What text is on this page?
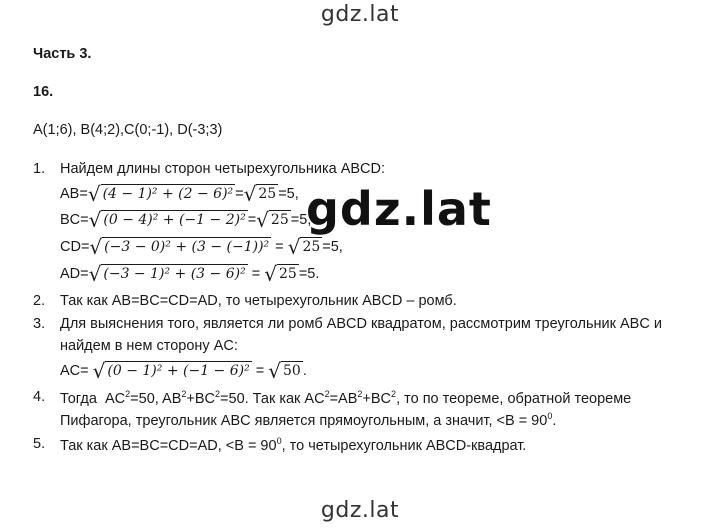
gdz.lat
Часть 3.
16.
A(1;6), B(4;2),C(0;-1), D(-3;3)
1. Найдем длины сторон четырехугольника ABCD:
AB= √ (4 − 1)² + (2 − 6)² = √ 25 =5,
BC= √ (0 − 4)² + (−1 − 2)² = √ 25 =5,
CD= √ (−3 − 0)² + (3 − (−1))² = √ 25 =5,
AD= √ (−3 − 1)² + (3 − 6)² = √ 25 =5.
2. Так как AB=BC=CD=AD, то четырехугольник ABCD – ромб.
3. Для выяснения того, является ли ромб ABCD квадратом, рассмотрим треугольник ABC и
найдем в нем сторону AC:
AC= √ (0 − 1)² + (−1 − 6)² = √ 50 .
4. Тогда  $AC^2=50$, $AB^2+BC^2=50$. Так как $AC^2=AB^2+BC^2$, то по теореме, обратной теореме
Пифагора, треугольник ABC является прямоугольным, а значит, $<B = 90^0$.
5. Так как AB=BC=CD=AD, $<B = 90^0$, то четырехугольник ABCD-квадрат.
gdz.lat
gdz.lat
